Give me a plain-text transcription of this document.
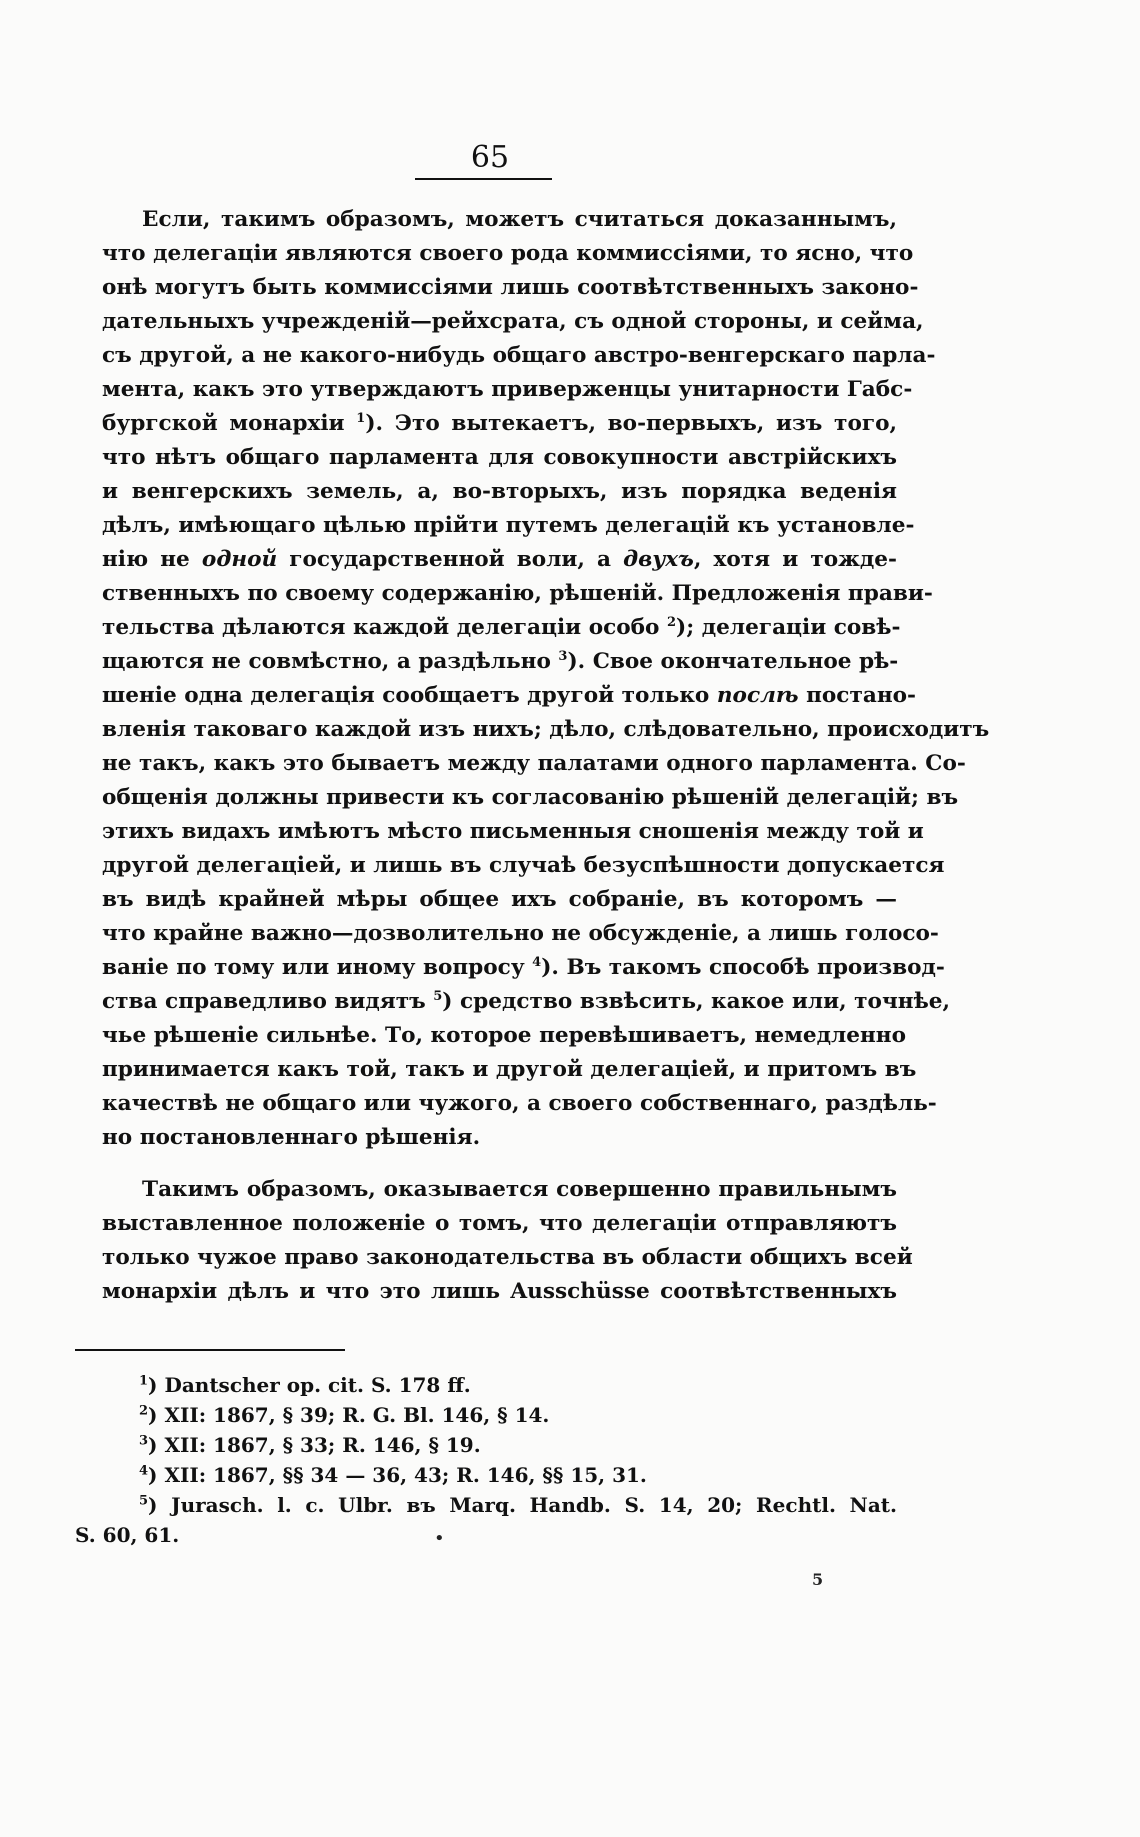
65
Если, такимъ образомъ, можетъ считаться доказаннымъ,
что делегаціи являются своего рода коммиссіями, то ясно, что
онѣ могутъ быть коммиссіями лишь соотвѣтственныхъ законо-
дательныхъ учрежденій—рейхсрата, съ одной стороны, и сейма,
съ другой, а не какого-нибудь общаго австро-венгерскаго парла-
мента, какъ это утверждаютъ приверженцы унитарности Габс-
бургской монархіи $^1$). Это вытекаетъ, во-первыхъ, изъ того,
что нѣтъ общаго парламента для совокупности австрійскихъ
и венгерскихъ земель, а, во-вторыхъ, изъ порядка веденія
дѣлъ, имѣющаго цѣлью прійти путемъ делегацій къ установле-
нію не одной государственной воли, а двухъ, хотя и тожде-
ственныхъ по своему содержанію, рѣшеній. Предложенія прави-
тельства дѣлаются каждой делегаціи особо $^2$); делегаціи совѣ-
щаются не совмѣстно, а раздѣльно $^3$). Свое окончательное рѣ-
шеніе одна делегація сообщаетъ другой только послѣ постано-
вленія таковаго каждой изъ нихъ; дѣло, слѣдовательно, происходитъ
не такъ, какъ это бываетъ между палатами одного парламента. Со-
общенія должны привести къ согласованію рѣшеній делегацій; въ
этихъ видахъ имѣютъ мѣсто письменныя сношенія между той и
другой делегаціей, и лишь въ случаѣ безуспѣшности допускается
въ видѣ крайней мѣры общее ихъ собраніе, въ которомъ —
что крайне важно—дозволительно не обсужденіе, а лишь голосо-
ваніе по тому или иному вопросу $^4$). Въ такомъ способѣ производ-
ства справедливо видятъ $^5$) средство взвѣсить, какое или, точнѣе,
чье рѣшеніе сильнѣе. То, которое перевѣшиваетъ, немедленно
принимается какъ той, такъ и другой делегаціей, и притомъ въ
качествѣ не общаго или чужого, а своего собственнаго, раздѣль-
но постановленнаго рѣшенія.
Такимъ образомъ, оказывается совершенно правильнымъ
выставленное положеніе о томъ, что делегаціи отправляютъ
только чужое право законодательства въ области общихъ всей
монархіи дѣлъ и что это лишь Ausschüsse соотвѣтственныхъ
$^1$) Dantscher op. cit. S. 178 ff.
$^2$) XII: 1867, § 39; R. G. Bl. 146, § 14.
$^3$) XII: 1867, § 33; R. 146, § 19.
$^4$) XII: 1867, §§ 34 — 36, 43; R. 146, §§ 15, 31.
$^5$) Jurasch. l. c. Ulbr. въ Marq. Handb. S. 14, 20; Rechtl. Nat.
S. 60, 61.	•
5
